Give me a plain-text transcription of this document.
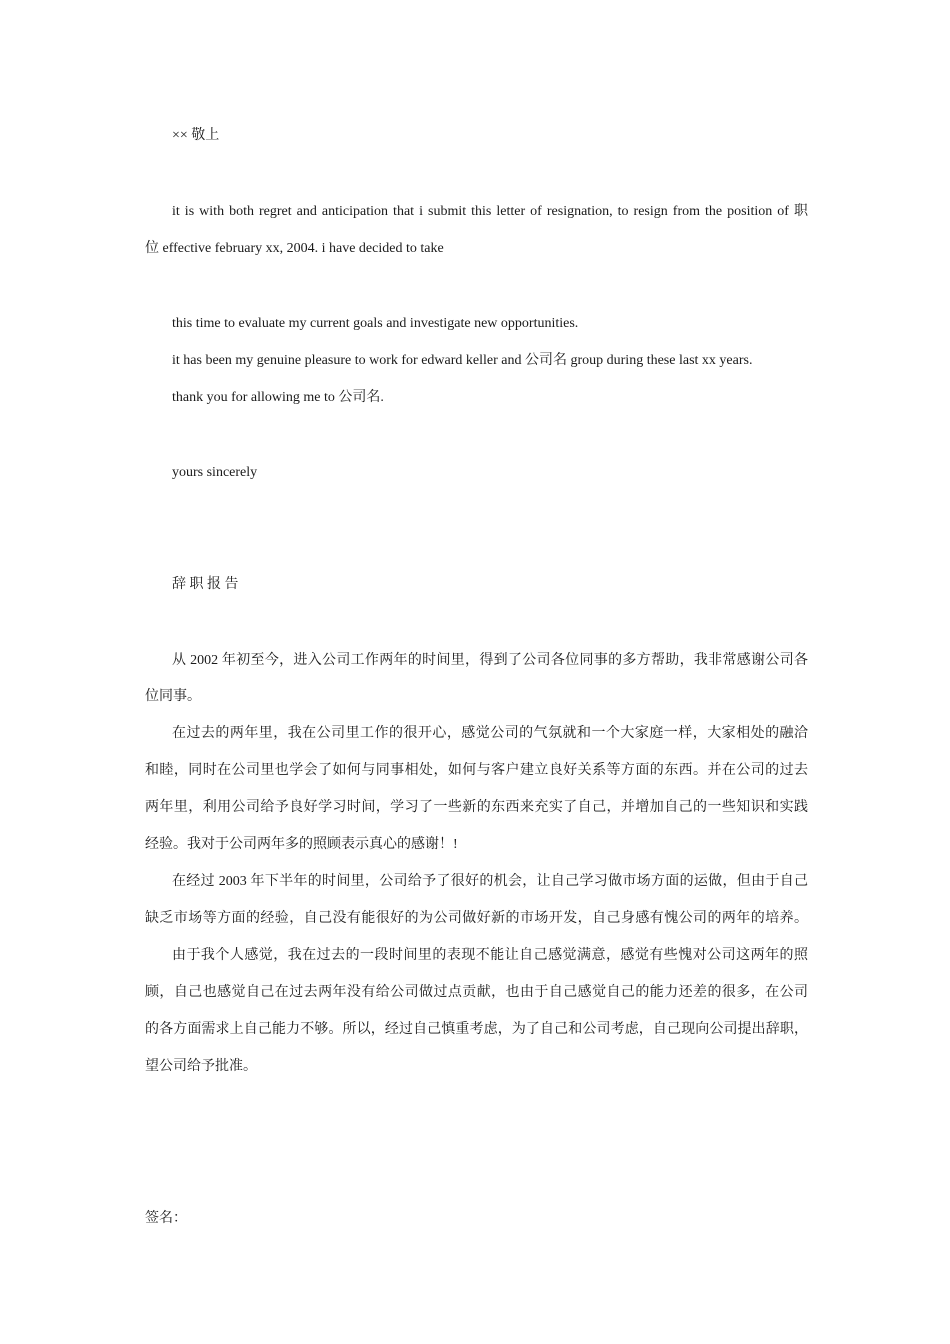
×× 敬上
it is with both regret and anticipation that i submit this letter of resignation, to resign from the position of 职
位 effective february xx, 2004. i have decided to take
this time to evaluate my current goals and investigate new opportunities.
it has been my genuine pleasure to work for edward keller and 公司名 group during these last xx years.
thank you for allowing me to 公司名.
yours sincerely
辞 职 报 告
从 2002 年初至今，进入公司工作两年的时间里，得到了公司各位同事的多方帮助，我非常感谢公司各
位同事。
在过去的两年里，我在公司里工作的很开心，感觉公司的气氛就和一个大家庭一样，大家相处的融洽
和睦，同时在公司里也学会了如何与同事相处，如何与客户建立良好关系等方面的东西。并在公司的过去
两年里，利用公司给予良好学习时间，学习了一些新的东西来充实了自己，并增加自己的一些知识和实践
经验。我对于公司两年多的照顾表示真心的感谢！!
在经过 2003 年下半年的时间里，公司给予了很好的机会，让自己学习做市场方面的运做，但由于自己
缺乏市场等方面的经验，自己没有能很好的为公司做好新的市场开发，自己身感有愧公司的两年的培养。
由于我个人感觉，我在过去的一段时间里的表现不能让自己感觉满意，感觉有些愧对公司这两年的照
顾，自己也感觉自己在过去两年没有给公司做过点贡献，也由于自己感觉自己的能力还差的很多，在公司
的各方面需求上自己能力不够。所以，经过自己慎重考虑，为了自己和公司考虑，自己现向公司提出辞职，
望公司给予批准。
签名：
